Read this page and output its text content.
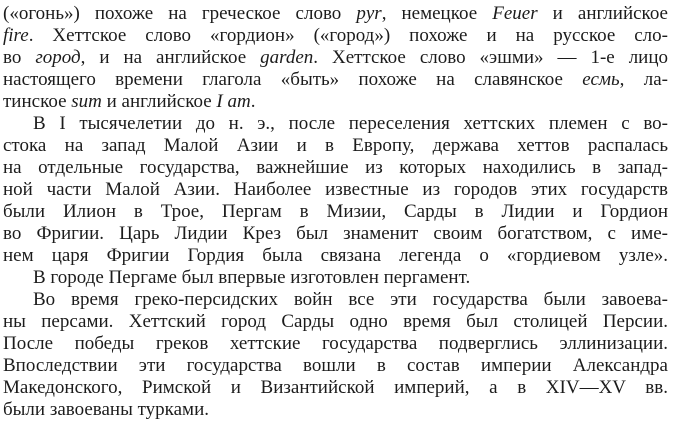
(«огонь») похоже на греческое слово pyr, немецкое Feuer и английское
fire. Хеттское слово «гордион» («город») похоже и на русское сло-
во город, и на английское garden. Хеттское слово «эшми» — 1-е лицо
настоящего времени глагола «быть» похоже на славянское есмь, ла-
тинское sum и английское I am.
В I тысячелетии до н. э., после переселения хеттских племен с во-
стока на запад Малой Азии и в Европу, держава хеттов распалась
на отдельные государства, важнейшие из которых находились в запад-
ной части Малой Азии. Наиболее известные из городов этих государств
были Илион в Трое, Пергам в Мизии, Сарды в Лидии и Гордион
во Фригии. Царь Лидии Крез был знаменит своим богатством, с име-
нем царя Фригии Гордия была связана легенда о «гордиевом узле».
В городе Пергаме был впервые изготовлен пергамент.
Во время греко-персидских войн все эти государства были завоева-
ны персами. Хеттский город Сарды одно время был столицей Персии.
После победы греков хеттские государства подверглись эллинизации.
Впоследствии эти государства вошли в состав империи Александра
Македонского, Римской и Византийской империй, а в XIV—XV вв.
были завоеваны турками.
